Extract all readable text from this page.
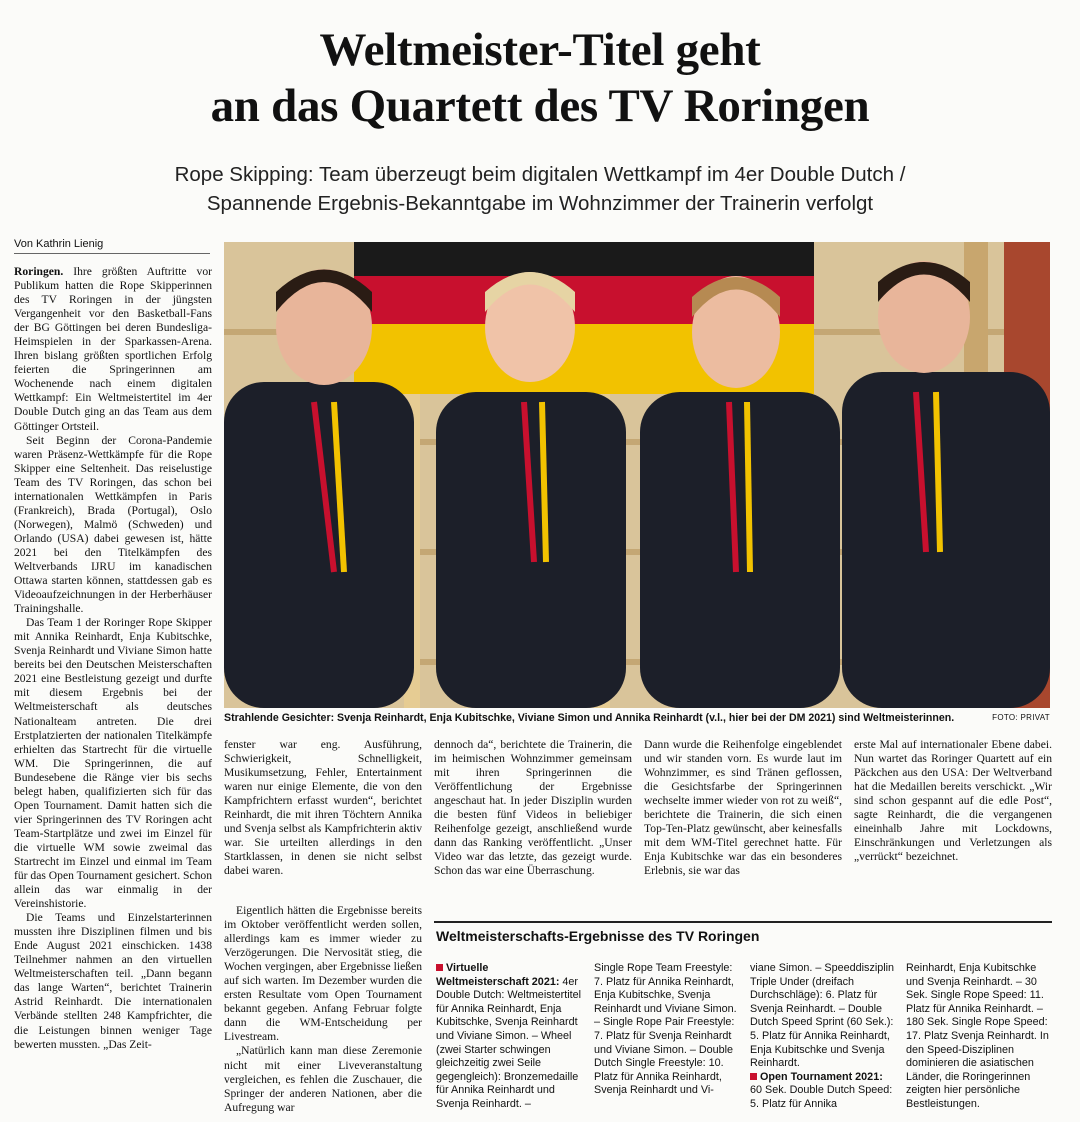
Weltmeister-Titel geht
an das Quartett des TV Roringen
Rope Skipping: Team überzeugt beim digitalen Wettkampf im 4er Double Dutch /
Spannende Ergebnis-Bekanntgabe im Wohnzimmer der Trainerin verfolgt
Von Kathrin Lienig

Roringen. Ihre größten Auftritte vor Publikum hatten die Rope Skipperinnen des TV Roringen in der jüngsten Vergangenheit vor den Basketball-Fans der BG Göttingen bei deren Bundesliga-Heimspielen in der Sparkassen-Arena. Ihren bislang größten sportlichen Erfolg feierten die Springerinnen am Wochenende nach einem digitalen Wettkampf: Ein Weltmeistertitel im 4er Double Dutch ging an das Team aus dem Göttinger Ortsteil.

Seit Beginn der Corona-Pandemie waren Präsenz-Wettkämpfe für die Rope Skipper eine Seltenheit. Das reiselustige Team des TV Roringen, das schon bei internationalen Wettkämpfen in Paris (Frankreich), Brada (Portugal), Oslo (Norwegen), Malmö (Schweden) und Orlando (USA) dabei gewesen ist, hätte 2021 bei den Titelkämpfen des Weltverbands IJRU im kanadischen Ottawa starten können, stattdessen gab es Videoaufzeichnungen in der Herberhäuser Trainingshalle.

Das Team 1 der Roringer Rope Skipper mit Annika Reinhardt, Enja Kubitschke, Svenja Reinhardt und Viviane Simon hatte bereits bei den Deutschen Meisterschaften 2021 eine Bestleistung gezeigt und durfte mit diesem Ergebnis bei der Weltmeisterschaft als deutsches Nationalteam antreten. Die drei Erstplatzierten der nationalen Titelkämpfe erhielten das Startrecht für die virtuelle WM. Die Springerinnen, die auf Bundesebene die Ränge vier bis sechs belegt haben, qualifizierten sich für das Open Tournament. Damit hatten sich die vier Springerinnen des TV Roringen acht Team-Startplätze und zwei im Einzel für die virtuelle WM sowie zweimal das Startrecht im Einzel und einmal im Team für das Open Tournament gesichert. Schon allein das war einmalig in der Vereinshistorie.

Die Teams und Einzelstarterinnen mussten ihre Disziplinen filmen und bis Ende August 2021 einschicken. 1438 Teilnehmer nahmen an den virtuellen Weltmeisterschaften teil. „Dann begann das lange Warten“, berichtet Trainerin Astrid Reinhardt. Die internationalen Verbände stellten 248 Kampfrichter, die die Leistungen binnen weniger Tage bewerten mussten. „Das Zeit-

Strahlende Gesichter: Svenja Reinhardt, Enja Kubitschke, Viviane Simon und Annika Reinhardt (v.l., hier bei der DM 2021) sind Weltmeisterinnen.	FOTO: PRIVAT

fenster war eng. Ausführung, Schwierigkeit, Schnelligkeit, Musikumsetzung, Fehler, Entertainment waren nur einige Elemente, die von den Kampfrichtern erfasst wurden“, berichtet Reinhardt, die mit ihren Töchtern Annika und Svenja selbst als Kampfrichterin aktiv war. Sie urteilten allerdings in den Startklassen, in denen sie nicht selbst dabei waren.

Eigentlich hätten die Ergebnisse bereits im Oktober veröffentlicht werden sollen, allerdings kam es immer wieder zu Verzögerungen. Die Nervosität stieg, die Wochen vergingen, aber Ergebnisse ließen auf sich warten. Im Dezember wurden die ersten Resultate vom Open Tournament bekannt gegeben. Anfang Februar folgte dann die WM-Entscheidung per Livestream.

„Natürlich kann man diese Zeremonie nicht mit einer Liveveranstaltung vergleichen, es fehlen die Zuschauer, die Springer der anderen Nationen, aber die Aufregung war

dennoch da“, berichtete die Trainerin, die im heimischen Wohnzimmer gemeinsam mit ihren Springerinnen die Veröffentlichung der Ergebnisse angeschaut hat. In jeder Disziplin wurden die besten fünf Videos in beliebiger Reihenfolge gezeigt, anschließend wurde dann das Ranking veröffentlicht. „Unser Video war das letzte, das gezeigt wurde. Schon das war eine Überraschung.

Dann wurde die Reihenfolge eingeblendet und wir standen vorn. Es wurde laut im Wohnzimmer, es sind Tränen geflossen, die Gesichtsfarbe der Springerinnen wechselte immer wieder von rot zu weiß“, berichtete die Trainerin, die sich einen Top-Ten-Platz gewünscht, aber keinesfalls mit dem WM-Titel gerechnet hatte. Für Enja Kubitschke war das ein besonderes Erlebnis, sie war das

erste Mal auf internationaler Ebene dabei. Nun wartet das Roringer Quartett auf ein Päckchen aus den USA: Der Weltverband hat die Medaillen bereits verschickt. „Wir sind schon gespannt auf die edle Post“, sagte Reinhardt, die die vergangenen eineinhalb Jahre mit Lockdowns, Einschränkungen und Verletzungen als „verrückt“ bezeichnet.

Weltmeisterschafts-Ergebnisse des TV Roringen
Virtuelle Weltmeisterschaft 2021: 4er Double Dutch: Weltmeistertitel für Annika Reinhardt, Enja Kubitschke, Svenja Reinhardt und Viviane Simon. – Wheel (zwei Starter schwingen gleichzeitig zwei Seile gegengleich): Bronzemedaille für Annika Reinhardt und Svenja Reinhardt. –
Single Rope Team Freestyle: 7. Platz für Annika Reinhardt, Enja Kubitschke, Svenja Reinhardt und Viviane Simon. – Single Rope Pair Freestyle: 7. Platz für Svenja Reinhardt und Viviane Simon. – Double Dutch Single Freestyle: 10. Platz für Annika Reinhardt, Svenja Reinhardt und Vi-
viane Simon. – Speeddisziplin Triple Under (dreifach Durchschläge): 6. Platz für Svenja Reinhardt. – Double Dutch Speed Sprint (60 Sek.): 5. Platz für Annika Reinhardt, Enja Kubitschke und Svenja Reinhardt.
Open Tournament 2021:
60 Sek. Double Dutch Speed: 5. Platz für Annika
Reinhardt, Enja Kubitschke und Svenja Reinhardt. – 30 Sek. Single Rope Speed: 11. Platz für Annika Reinhardt. – 180 Sek. Single Rope Speed: 17. Platz Svenja Reinhardt. In den Speed-Disziplinen dominieren die asiatischen Länder, die Roringerinnen zeigten hier persönliche Bestleistungen.
